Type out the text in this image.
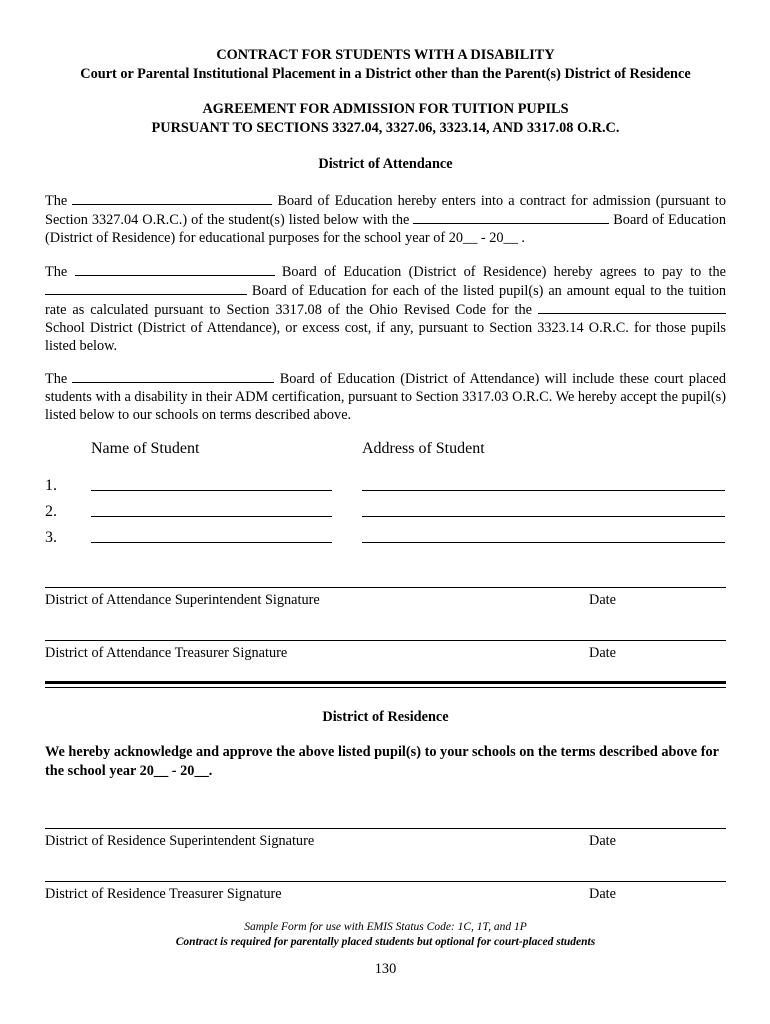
CONTRACT FOR STUDENTS WITH A DISABILITY
Court or Parental Institutional Placement in a District other than the Parent(s) District of Residence
AGREEMENT FOR ADMISSION FOR TUITION PUPILS
PURSUANT TO SECTIONS 3327.04, 3327.06, 3323.14, AND 3317.08 O.R.C.
District of Attendance

The	Board of Education hereby enters into a contract for admission (pursuant to Section 3327.04 O.R.C.) of the student(s) listed below with the	Board of Education (District of Residence) for educational purposes for the school year of 20__ - 20__ .

The	Board of Education (District of Residence) hereby agrees to pay to the  Board of Education for each of the listed pupil(s) an amount equal to the tuition rate as calculated pursuant to Section 3317.08 of the Ohio Revised Code for the  School District (District of Attendance), or excess cost, if any, pursuant to Section 3323.14 O.R.C. for those pupils listed below.

The	Board of Education (District of Attendance) will include these court placed students with a disability in their ADM certification, pursuant to Section 3317.03 O.R.C. We hereby accept the pupil(s) listed below to our schools on terms described above.

Name of Student	Address of Student
1.
2.
3.
District of Attendance Superintendent Signature	Date
District of Attendance Treasurer Signature	Date
District of Residence
We hereby acknowledge and approve the above listed pupil(s) to your schools on the terms described above for the school year 20__ - 20__.
District of Residence Superintendent Signature	Date
District of Residence Treasurer Signature	Date
Sample Form for use with EMIS Status Code: 1C, 1T, and 1P
Contract is required for parentally placed students but optional for court-placed students
130
